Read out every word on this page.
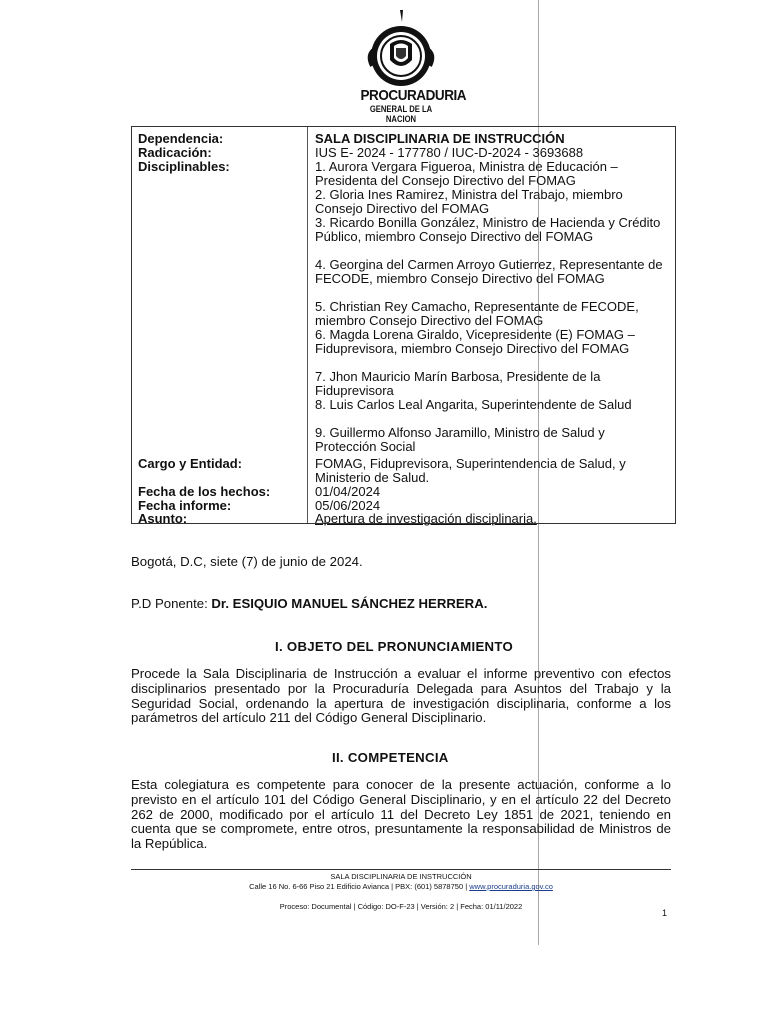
PROCURADURIA
GENERAL DE LA NACION
Dependencia:	SALA DISCIPLINARIA DE INSTRUCCIÓN
Radicación:	IUS E- 2024 - 177780 / IUC-D-2024 - 3693688
Disciplinables:	1. Aurora Vergara Figueroa, Ministra de Educación – Presidenta del Consejo Directivo del FOMAG
2. Gloria Ines Ramirez, Ministra del Trabajo, miembro Consejo Directivo del FOMAG
3. Ricardo Bonilla González, Ministro de Hacienda y Crédito Público, miembro Consejo Directivo del FOMAG
4. Georgina del Carmen Arroyo Gutierrez, Representante de FECODE, miembro Consejo Directivo del FOMAG
5. Christian Rey Camacho, Representante de FECODE, miembro Consejo Directivo del FOMAG
6. Magda Lorena Giraldo, Vicepresidente (E) FOMAG – Fiduprevisora, miembro Consejo Directivo del FOMAG
7. Jhon Mauricio Marín Barbosa, Presidente de la Fiduprevisora
8. Luis Carlos Leal Angarita, Superintendente de Salud
9. Guillermo Alfonso Jaramillo, Ministro de Salud y Protección Social
Cargo y Entidad:	FOMAG, Fiduprevisora, Superintendencia de Salud, y Ministerio de Salud.
Fecha de los hechos:	01/04/2024
Fecha informe:	05/06/2024
Asunto:	Apertura de investigación disciplinaria.
Bogotá, D.C, siete (7) de junio de 2024.
P.D Ponente: Dr. ESIQUIO MANUEL SÁNCHEZ HERRERA.
I. OBJETO DEL PRONUNCIAMIENTO
Procede la Sala Disciplinaria de Instrucción a evaluar el informe preventivo con efectos disciplinarios presentado por la Procuraduría Delegada para Asuntos del Trabajo y la Seguridad Social, ordenando la apertura de investigación disciplinaria, conforme a los parámetros del artículo 211 del Código General Disciplinario.
II. COMPETENCIA
Esta colegiatura es competente para conocer de la presente actuación, conforme a lo previsto en el artículo 101 del Código General Disciplinario, y en el artículo 22 del Decreto 262 de 2000, modificado por el artículo 11 del Decreto Ley 1851 de 2021, teniendo en cuenta que se compromete, entre otros, presuntamente la responsabilidad de Ministros de la República.
SALA DISCIPLINARIA DE INSTRUCCIÓN
Calle 16 No. 6-66 Piso 21 Edificio Avianca | PBX: (601) 5878750 | www.procuraduria.gov.co
Proceso: Documental | Código: DO-F-23 | Versión: 2 | Fecha: 01/11/2022
1
